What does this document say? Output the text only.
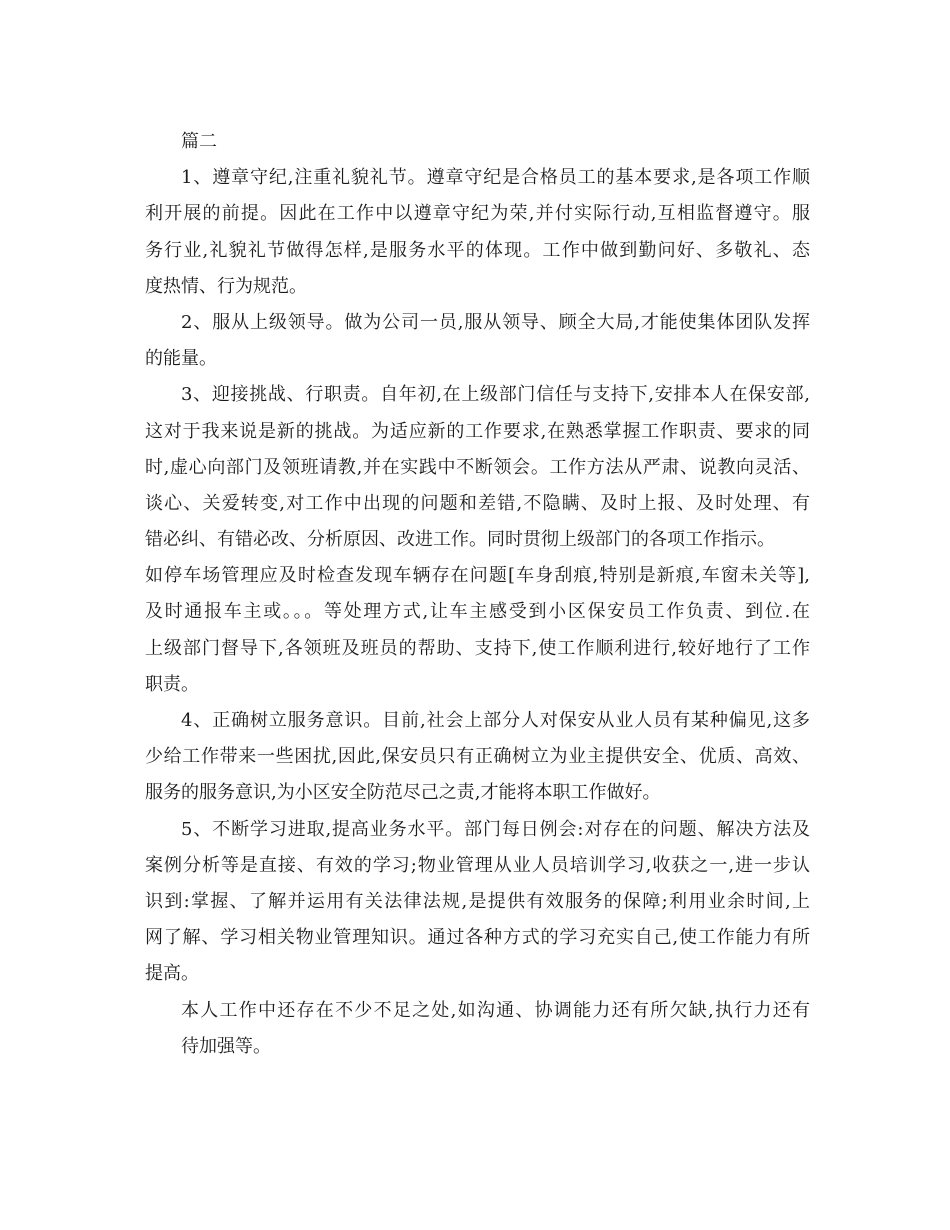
篇二
1、遵章守纪,注重礼貌礼节。遵章守纪是合格员工的基本要求,是各项工作顺
利开展的前提。因此在工作中以遵章守纪为荣,并付实际行动,互相监督遵守。服
务行业,礼貌礼节做得怎样,是服务水平的体现。工作中做到勤问好、多敬礼、态
度热情、行为规范。
2、服从上级领导。做为公司一员,服从领导、顾全大局,才能使集体团队发挥
的能量。
3、迎接挑战、行职责。自年初,在上级部门信任与支持下,安排本人在保安部,
这对于我来说是新的挑战。为适应新的工作要求,在熟悉掌握工作职责、要求的同
时,虚心向部门及领班请教,并在实践中不断领会。工作方法从严肃、说教向灵活、
谈心、关爱转变,对工作中出现的问题和差错,不隐瞒、及时上报、及时处理、有
错必纠、有错必改、分析原因、改进工作。同时贯彻上级部门的各项工作指示。
如停车场管理应及时检查发现车辆存在问题[车身刮痕,特别是新痕,车窗未关等],
及时通报车主或。。。等处理方式,让车主感受到小区保安员工作负责、到位.在
上级部门督导下,各领班及班员的帮助、支持下,使工作顺利进行,较好地行了工作
职责。
4、正确树立服务意识。目前,社会上部分人对保安从业人员有某种偏见,这多
少给工作带来一些困扰,因此,保安员只有正确树立为业主提供安全、优质、高效、
服务的服务意识,为小区安全防范尽己之责,才能将本职工作做好。
5、不断学习进取,提高业务水平。部门每日例会:对存在的问题、解决方法及
案例分析等是直接、有效的学习;物业管理从业人员培训学习,收获之一,进一步认
识到:掌握、了解并运用有关法律法规,是提供有效服务的保障;利用业余时间,上
网了解、学习相关物业管理知识。通过各种方式的学习充实自己,使工作能力有所
提高。
本人工作中还存在不少不足之处,如沟通、协调能力还有所欠缺,执行力还有
待加强等。
